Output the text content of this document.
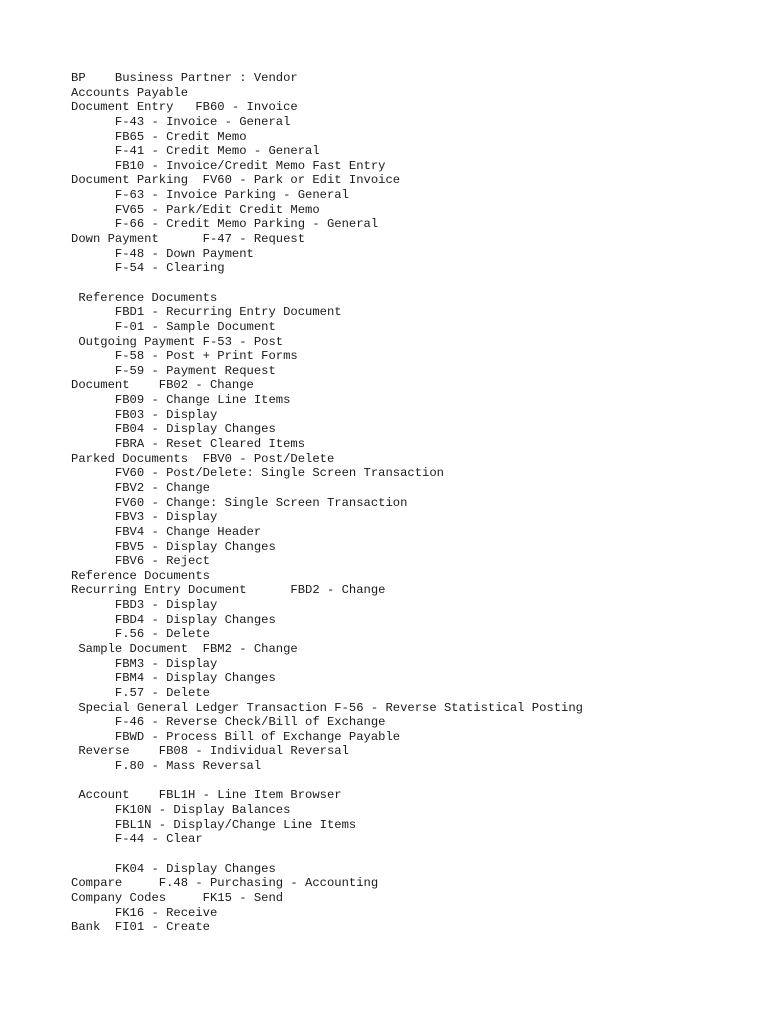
BP    Business Partner : Vendor
Accounts Payable
Document Entry   FB60 - Invoice
F-43 - Invoice - General
FB65 - Credit Memo
F-41 - Credit Memo - General
FB10 - Invoice/Credit Memo Fast Entry
Document Parking  FV60 - Park or Edit Invoice
F-63 - Invoice Parking - General
FV65 - Park/Edit Credit Memo
F-66 - Credit Memo Parking - General
Down Payment      F-47 - Request
F-48 - Down Payment
F-54 - Clearing
Reference Documents
FBD1 - Recurring Entry Document
F-01 - Sample Document
Outgoing Payment F-53 - Post
F-58 - Post + Print Forms
F-59 - Payment Request
Document    FB02 - Change
FB09 - Change Line Items
FB03 - Display
FB04 - Display Changes
FBRA - Reset Cleared Items
Parked Documents  FBV0 - Post/Delete
FV60 - Post/Delete: Single Screen Transaction
FBV2 - Change
FV60 - Change: Single Screen Transaction
FBV3 - Display
FBV4 - Change Header
FBV5 - Display Changes
FBV6 - Reject
Reference Documents
Recurring Entry Document      FBD2 - Change
FBD3 - Display
FBD4 - Display Changes
F.56 - Delete
Sample Document  FBM2 - Change
FBM3 - Display
FBM4 - Display Changes
F.57 - Delete
Special General Ledger Transaction F-56 - Reverse Statistical Posting
F-46 - Reverse Check/Bill of Exchange
FBWD - Process Bill of Exchange Payable
Reverse    FB08 - Individual Reversal
F.80 - Mass Reversal
Account    FBL1H - Line Item Browser
FK10N - Display Balances
FBL1N - Display/Change Line Items
F-44 - Clear
FK04 - Display Changes
Compare     F.48 - Purchasing - Accounting
Company Codes     FK15 - Send
FK16 - Receive
Bank  FI01 - Create
